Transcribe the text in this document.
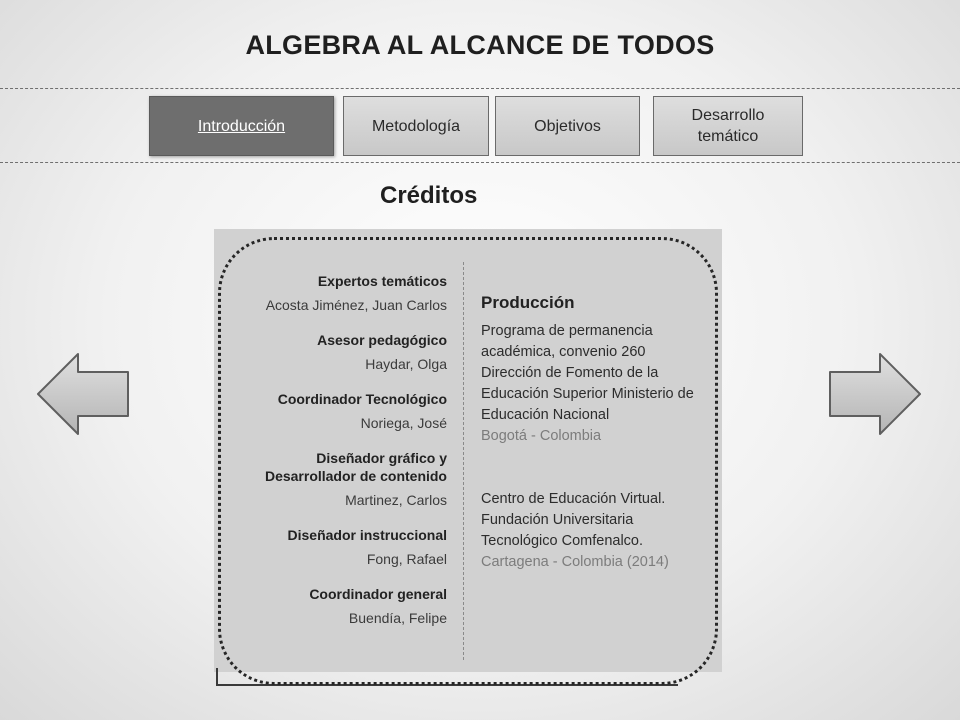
ALGEBRA AL ALCANCE DE TODOS
Introducción	Metodología	Objetivos
Desarrollo temático
Créditos
Expertos temáticos
Acosta Jiménez, Juan Carlos
Asesor pedagógico
Haydar, Olga
Coordinador Tecnológico
Noriega, José
Diseñador gráfico y Desarrollador de contenido
Martinez, Carlos
Diseñador instruccional
Fong, Rafael
Coordinador general
Buendía, Felipe
Producción
Programa de permanencia académica, convenio 260 Dirección de Fomento de la Educación Superior Ministerio de Educación Nacional
Bogotá - Colombia
Centro de Educación Virtual. Fundación Universitaria Tecnológico Comfenalco.
Cartagena - Colombia (2014)
